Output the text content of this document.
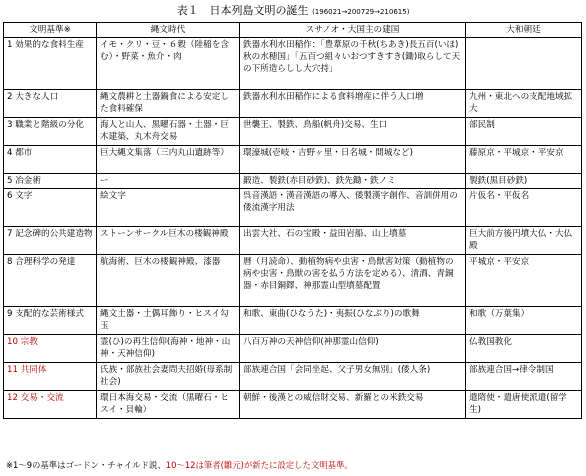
表１　日本列島文明の誕生 (196021→200729→210615)
文明基準※	縄文時代	スサノオ・大国主の建国	大和朝廷
1 効果的な食料生産	イモ・クリ・豆・６穀（陸稲を含む）・野菜・魚介・肉	鉄器水利水田稲作：「豊葦原の千秋(ちあき)長五百(いほ)秋の水穂国」「五百つ組々いおつすきすき(鋤)取らして天の下所造らしし大穴持」	
2 大きな人口	縄文農耕と土器鍋食による安定した食料確保	鉄器水利水田稲作による食料増産に伴う人口増	九州・東北への支配地域拡大
3 職業と階級の分化	海人と山人、黒曜石器・土器・巨木建築、丸木舟交易	世襲王、製鉄、鳥船(帆舟)交易、生口	部民制
4 都市	巨大縄文集落（三内丸山遺跡等）	環濠城(壱岐・吉野ヶ里・日名城・間城など)	藤原京・平城京・平安京
5 冶金術	ー	鍛造、製鉄(赤目砂鉄)、鉄先鋤・鉄ノミ	製鉄(黒目砂鉄)
6 文字	絵文字	呉音漢語・漢音漢語の導入、倭製漢字創作、音訓併用の倭流漢字用法	片仮名・平仮名
7 記念碑的公共建造物	ストーンサークル巨木の楼観神殿	出雲大社、石の宝殿・益田岩船、山上墳墓	巨大前方後円墳大仏・大仏殿
8 合理科学の発達	航海術、巨木の楼観神殿、漆器	暦（月読命）、動植物病や虫害・鳥獣害対策（動植物の病や虫害・鳥獣の害を払う方法を定める）、清酒、青銅器・赤目銅鐸、神那霊山型墳墓配置	平城京・平安京
9 支配的な芸術様式	縄文土器・土偶耳飾り・ヒスイ勾玉	和歌、東曲(ひなうた)・夷振(ひなぶり)の歌舞	和歌（万葉集）
10 宗教	霊(ひ)の再生信仰(海神・地神・山神・天神信仰)	八百万神の天神信仰(神那霊山信仰)	仏教国教化
11 共同体	氏族・部族社会妻問夫招婚(母系制社会)	部族連合国「会同坐起、父子男女無別」(倭人条)	部族連合国→律令制国
12 交易・交流	環日本海交易・交流（黒曜石・ヒスイ・貝輪）	朝鮮・後漢との威信財交易、新羅との米鉄交易	遣隋使・遣唐使派遣(留学生)
※1～9の基準はゴードン・チャイルド説、10～12は筆者(雛元)が新たに設定した文明基準。
